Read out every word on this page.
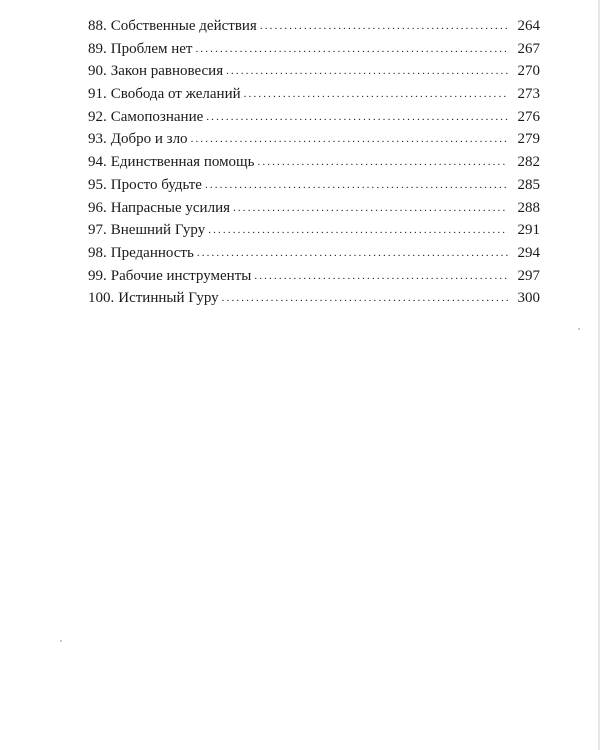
88. Собственные действия . . .	264
89. Проблем нет . . .	267
90. Закон равновесия . . .	270
91. Свобода от желаний . . .	273
92. Самопознание . . .	276
93. Добро и зло . . .	279
94. Единственная помощь . . .	282
95. Просто будьте . . .	285
96. Напрасные усилия . . .	288
97. Внешний Гуру . . .	291
98. Преданность . . .	294
99. Рабочие инструменты . . .	297
100. Истинный Гуру . . .	300
